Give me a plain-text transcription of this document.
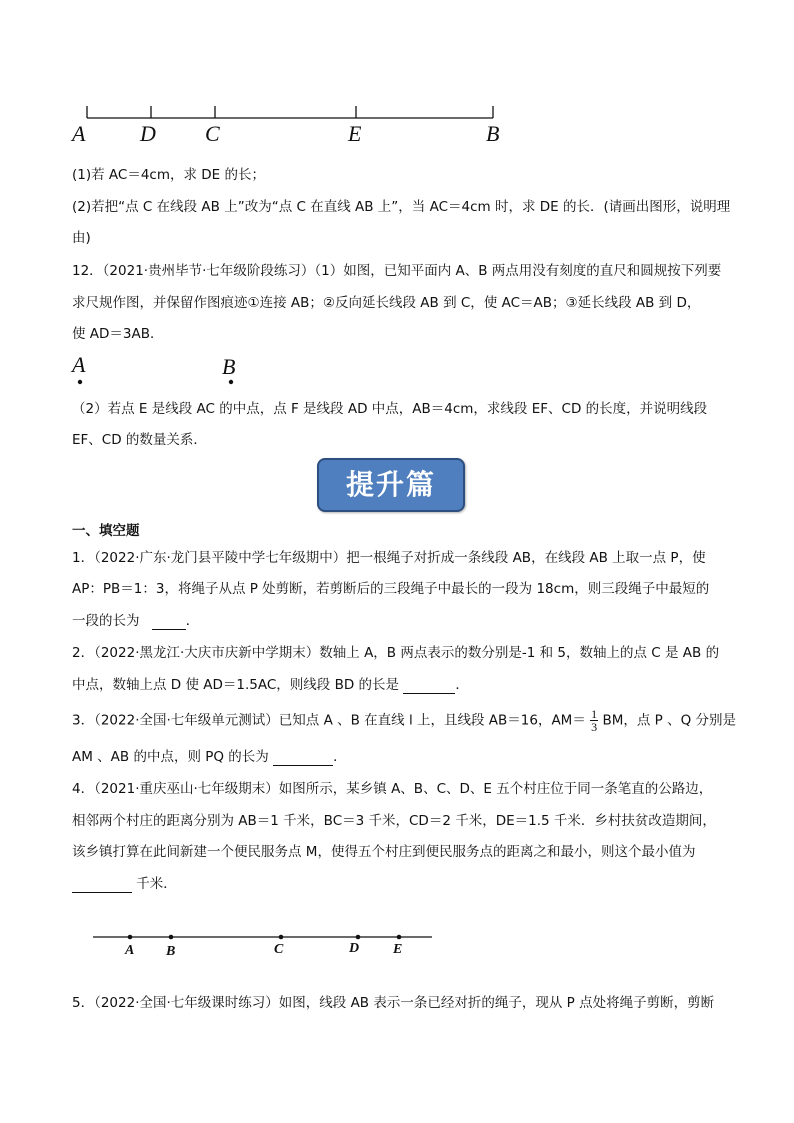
A D C	E	B
(1)若 AC＝4cm，求 DE 的长；
(2)若把“点 C 在线段 AB 上”改为“点 C 在直线 AB 上”，当 AC＝4cm 时，求 DE 的长．(请画出图形，说明理
由)
12．（2021·贵州毕节·七年级阶段练习）（1）如图，已知平面内 A、B 两点用没有刻度的直尺和圆规按下列要
求尺规作图，并保留作图痕迹①连接 AB；②反向延长线段 AB 到 C，使 AC＝AB；③延长线段 AB 到 D，
使 AD＝3AB．
A	B
（2）若点 E 是线段 AC 的中点，点 F 是线段 AD 中点，AB＝4cm，求线段 EF、CD 的长度，并说明线段
EF、CD 的数量关系．
提升篇
一、填空题
1．（2022·广东·龙门县平陵中学七年级期中）把一根绳子对折成一条线段 AB，在线段 AB 上取一点 P，使
AP：PB＝1：3，将绳子从点 P 处剪断，若剪断后的三段绳子中最长的一段为 18cm，则三段绳子中最短的
一段的长为	．
2．（2022·黑龙江·大庆市庆新中学期末）数轴上 A，B 两点表示的数分别是-1 和 5，数轴上的点 C 是 AB 的
中点，数轴上点 D 使 AD＝1.5AC，则线段 BD 的长是	．
3．（2022·全国·七年级单元测试）已知点 A 、B 在直线 l 上，且线段 AB＝16，$AM= \frac{1}{3}$ BM，点 P 、Q 分别是
AM 、AB 的中点，则 PQ 的长为	．
4．（2021·重庆巫山·七年级期末）如图所示，某乡镇 A、B、C、D、E 五个村庄位于同一条笔直的公路边，
相邻两个村庄的距离分别为 AB＝1 千米，BC＝3 千米，CD＝2 千米，DE＝1.5 千米．乡村扶贫改造期间，
该乡镇打算在此间新建一个便民服务点 M，使得五个村庄到便民服务点的距离之和最小，则这个最小值为
千米．
A B	C	D E
5．（2022·全国·七年级课时练习）如图，线段 AB 表示一条已经对折的绳子，现从 P 点处将绳子剪断，剪断
